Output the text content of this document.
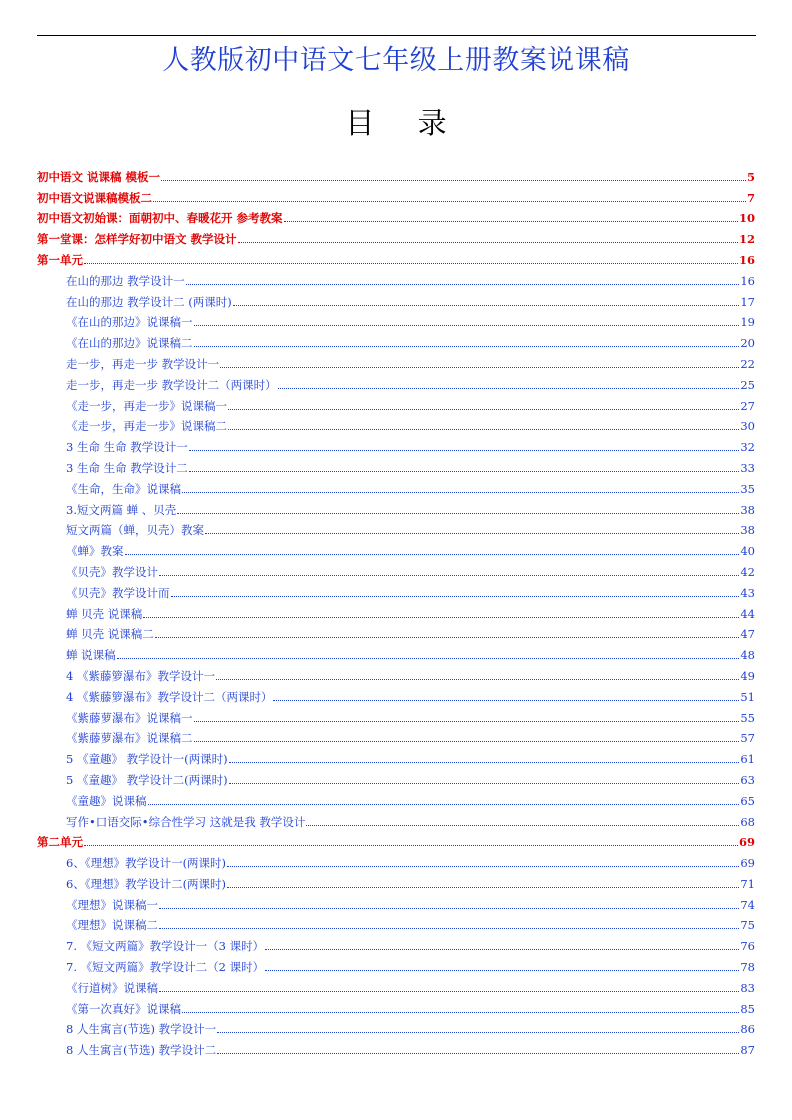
人教版初中语文七年级上册教案说课稿
目 录
初中语文 说课稿 模板一	5
初中语文说课稿模板二	7
初中语文初始课：面朝初中、春暖花开 参考教案	10
第一堂课：怎样学好初中语文 教学设计	12
第一单元	16
在山的那边 教学设计一	16
在山的那边 教学设计二 (两课时)	17
《在山的那边》说课稿一	19
《在山的那边》说课稿二	20
走一步，再走一步 教学设计一	22
走一步，再走一步 教学设计二（两课时）	25
《走一步，再走一步》说课稿一	27
《走一步，再走一步》说课稿二	30
3 生命 生命 教学设计一	32
3 生命 生命 教学设计二	33
《生命，生命》说课稿	35
3.短文两篇 蝉 、贝壳	38
短文两篇（蝉，贝壳）教案	38
《蝉》教案	40
《贝壳》教学设计	42
《贝壳》教学设计而	43
蝉 贝壳 说课稿	44
蝉 贝壳 说课稿二	47
蝉 说课稿	48
4 《紫藤箩瀑布》教学设计一	49
4 《紫藤箩瀑布》教学设计二（两课时）	51
《紫藤萝瀑布》说课稿一	55
《紫藤萝瀑布》说课稿二	57
5 《童趣》 教学设计一(两课时)	61
5 《童趣》 教学设计二(两课时)	63
《童趣》说课稿	65
写作•口语交际•综合性学习 这就是我 教学设计	68
第二单元	69
6、《理想》教学设计一(两课时)	69
6、《理想》教学设计二(两课时)	71
《理想》说课稿一	74
《理想》说课稿二	75
7. 《短文两篇》教学设计一（3 课时）	76
7. 《短文两篇》教学设计二（2 课时）	78
《行道树》说课稿	83
《第一次真好》说课稿	85
8 人生寓言(节选) 教学设计一	86
8 人生寓言(节选) 教学设计二	87
